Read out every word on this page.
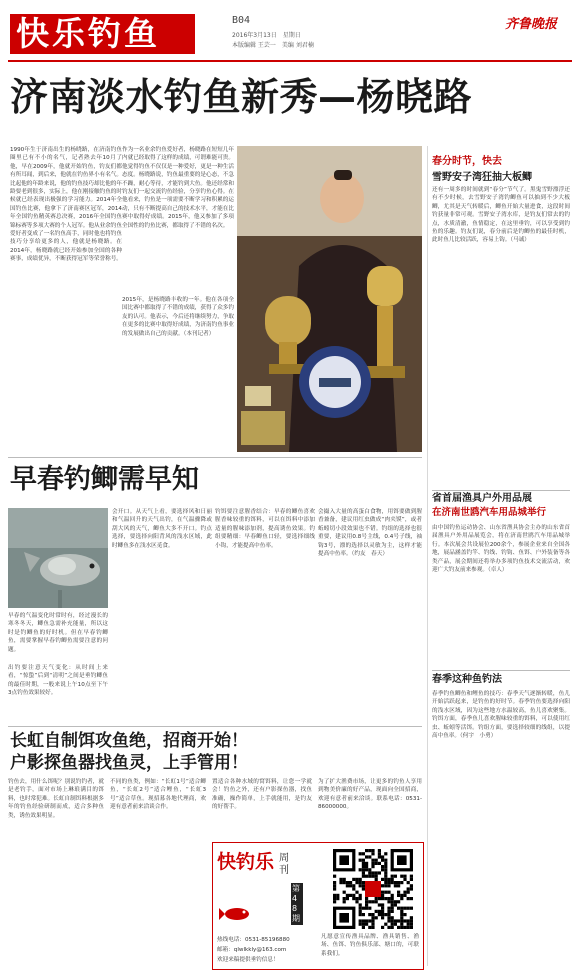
快乐钓鱼	B04
2016年3月13日　星期日
本版编辑 王芸一　美编 刘君楠
齐鲁晚报
济南淡水钓鱼新秀—杨晓路
1990年生于济南出生的杨晓路，在济南钓鱼圈里已有不小的名气，记者熟去年10月了他，早在2009年，他就开始钓鱼，钓友们都有所耳闻，到后来，他就在钓鱼界小有名气。比起他的年龄来说，他的钓鱼技巧却比他的年龄要老到很多，实际上，他在刚接触钓鱼的时候就已经表现出极强的学习能力。2014年全国钓鱼比赛，他拿下了济南赛区冠军，2014年全国钓鱼精英赛总决赛，2016年全国钓鱼锦标赛等多项大赛的个人冠军。他从业余钓鱼爱好者变成了一名钓鱼高手，同时他也将钓鱼技巧分享给更多的人，他就是杨晓路。在2014年，杨晓路就已经开始参加全国的各种赛事，成绩优异，不断获得冠军等荣誉称号。
作为一名业余钓鱼爱好者，杨晓路在短短几年内就已经取得了这样的成绩，可谓难能可贵。他觉得钓鱼不仅仅是一种爱好，更是一种生活态度。杨晓路说，钓鱼最重要的是心态，不急不躁，耐心等待，才能钓到大鱼。他还经常和钓友们一起交流钓鱼经验，分享钓鱼心得。在他看来，钓鱼是一项需要不断学习和积累的运动，只有不断提高自己的技术水平，才能在比赛中取得好成绩。2015年，他又参加了多项全国性的钓鱼比赛，都取得了不错的名次。
2015年，是杨晓路丰收的一年。他在各项全国比赛中都取得了不错的成绩，获得了众多钓友的认可。他表示，今后还将继续努力，争取在更多的比赛中取得好成绩，为济南钓鱼事业的发展做出自己的贡献。（本刊记者）
春分时节，快去
雪野安子湾狂抽大板鲫
还有一周多的时间就到“春分”节气了。黑鬼雪野漂浮还有不少时候，去雪野安子湾钓鲫鱼可以抽到不少大板鲫，尤其是天气转暖后，鲫鱼开始大量进食，这段时间钓获量非常可观。雪野安子湾水库，是钓友们常去的钓点，水质清澈，鱼情稳定，在这里垂钓，可以享受到钓鱼的乐趣。钓友们说，春分前后是钓鲫鱼的最佳时机，此时鱼儿比较活跃，容易上钩。（马诚）
省首届渔具户外用品展
在济南世鸥汽车用品城举行
由中国钓鱼运动协会、山东省渔具协会主办的山东省首届渔具户外用品展览会，将在济南世鸥汽车用品城举行。本次展会共设展位200余个，参展企业来自全国各地，展品涵盖钓竿、钓线、钓钩、鱼饵、户外装备等各类产品，展会期间还将举办多项钓鱼技术交流活动，欢迎广大钓友前来参观。（卓人）
春季这种鱼钓法
春季钓鱼鲫鱼和鲤鱼的技巧：春季天气逐渐转暖，鱼儿开始活跃起来，是钓鱼的好时节。春季钓鱼要选择向阳的浅水区域，因为这些地方水温较高，鱼儿喜欢聚集。钓饵方面，春季鱼儿喜欢腥味较重的饵料，可以使用红虫、蚯蚓等活饵。钓组方面，要选择较细的线组，以提高中鱼率。（何宇　小勇）
早春钓鲫需早知
早春的气温变化时常时有，经过漫长的寒冬冬天，鲫鱼急需补充能量，所以这时是钓鲫鱼的好时机。但在早春钓鲫鱼，需要掌握早春钓鲫鱼需要注意的问题。
出钓要注意天气变化：从时间上来看，“惊蛰”后到“清明”之间是垂钓鲫鱼的最佳时期，一般来说上午10点至下午3点钓鱼效果较好。
会开口。从天气上看，要选择风和日丽和气温回升的天气出钓，在气温骤降或刮大风的天气，鲫鱼大多不开口。钓点选择，要选择向阳背风的浅水区域，此时鲫鱼多在浅水区觅食。
钓饵要注意腥香结合：早春的鲫鱼喜欢腥香味较重的饵料，可以在饵料中添加适量的腥味添加剂，提高诱鱼效果。钓组要精细：早春鲫鱼口轻，要选择细线小钩，才能提高中鱼率。
会撮入大量的高蛋白食物，用饵要做到腥香兼备，建议用红虫做成“肉夹馍”，或者蚯蚓切小段效果也不错。钓组的选择也很重要，建议用0.8号主线，0.4号子线，袖钩3号，漂的选择以灵敏为主，这样才能提高中鱼率。（约友　春天）
长虹自制饵攻鱼绝，招商开始！
户影探鱼器找鱼灵，上手管用！
钓鱼去，用什么饵呢？别说钓钓者，就是老钓手，面对市场上琳琅满目的饵料，也时常犯难。长虹自制饵料根据多年的钓鱼经验研制而成，适合多种鱼类，诱鱼效果明显。
不同的鱼类，例如：“长虹1号”适合鲫鱼，“长虹2号”适合鲤鱼，“长虹3号”适合草鱼。现招募各地代理商，欢迎有意者前来洽谈合作。
置适合各种水域的窝饵料，让您一学就会！钓鱼之外，还有户影探鱼器，找鱼准确，操作简单，上手就能用，是钓友的好帮手。
为了扩大渔费市场，让更多的钓鱼人享用到物美价廉的好产品，现面向全国招商，欢迎有意者前来洽谈。联系电话：0531-86000000。
快钓乐 周刊
第48期
热线电话：0531-85196880
邮箱：qlwlkkly@163.com
欢迎来稿提供垂钓信息！
凡愿意宣传渔具品牌、渔具销售、渔场、鱼饵、钓鱼俱乐部、塘口的，可联系我们。
